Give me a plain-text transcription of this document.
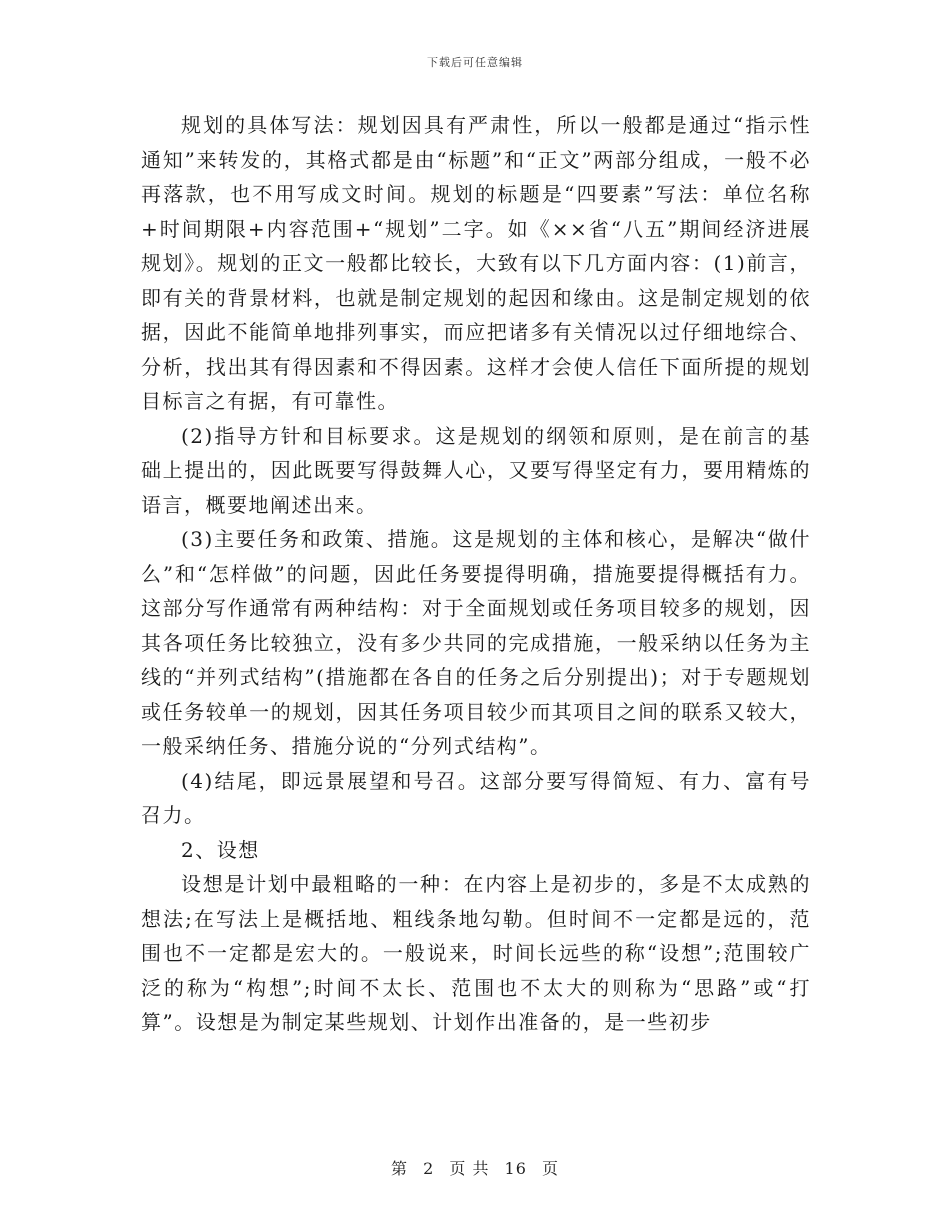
下载后可任意编辑

规划的具体写法：规划因具有严肃性，所以一般都是通过“指示性通知”来转发的，其格式都是由“标题”和“正文”两部分组成，一般不必再落款，也不用写成文时间。规划的标题是“四要素”写法：单位名称+时间期限+内容范围+“规划”二字。如《××省“八五”期间经济进展规划》。规划的正文一般都比较长，大致有以下几方面内容：(1)前言，即有关的背景材料，也就是制定规划的起因和缘由。这是制定规划的依据，因此不能简单地排列事实，而应把诸多有关情况以过仔细地综合、分析，找出其有得因素和不得因素。这样才会使人信任下面所提的规划目标言之有据，有可靠性。

(2)指导方针和目标要求。这是规划的纲领和原则，是在前言的基础上提出的，因此既要写得鼓舞人心，又要写得坚定有力，要用精炼的语言，概要地阐述出来。

(3)主要任务和政策、措施。这是规划的主体和核心，是解决“做什么”和“怎样做”的问题，因此任务要提得明确，措施要提得概括有力。这部分写作通常有两种结构：对于全面规划或任务项目较多的规划，因其各项任务比较独立，没有多少共同的完成措施，一般采纳以任务为主线的“并列式结构”(措施都在各自的任务之后分别提出)；对于专题规划或任务较单一的规划，因其任务项目较少而其项目之间的联系又较大，一般采纳任务、措施分说的“分列式结构”。

(4)结尾，即远景展望和号召。这部分要写得简短、有力、富有号召力。

2、设想

设想是计划中最粗略的一种：在内容上是初步的，多是不太成熟的想法;在写法上是概括地、粗线条地勾勒。但时间不一定都是远的，范围也不一定都是宏大的。一般说来，时间长远些的称“设想”;范围较广泛的称为“构想”;时间不太长、范围也不太大的则称为“思路”或“打算”。设想是为制定某些规划、计划作出准备的，是一些初步

第 2 页 共 16 页
